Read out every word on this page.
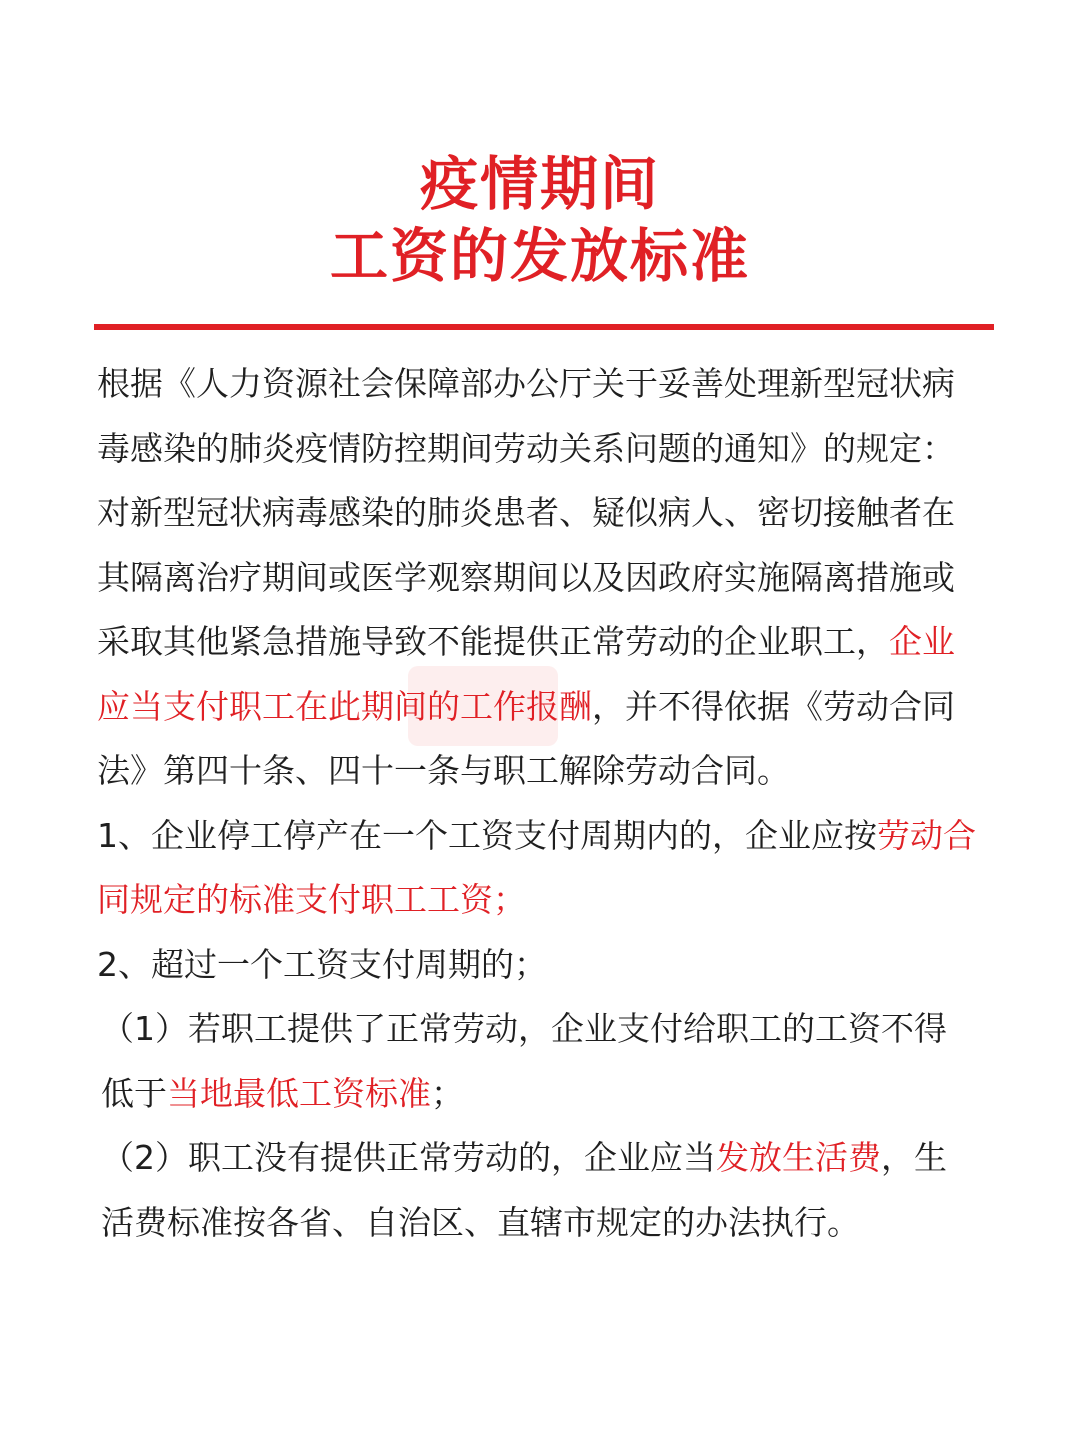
疫情期间
工资的发放标准

根据《人力资源社会保障部办公厅关于妥善处理新型冠状病毒感染的肺炎疫情防控期间劳动关系问题的通知》的规定：

对新型冠状病毒感染的肺炎患者、疑似病人、密切接触者在其隔离治疗期间或医学观察期间以及因政府实施隔离措施或采取其他紧急措施导致不能提供正常劳动的企业职工，企业应当支付职工在此期间的工作报酬，并不得依据《劳动合同法》第四十条、四十一条与职工解除劳动合同。

1、企业停工停产在一个工资支付周期内的，企业应按劳动合同规定的标准支付职工工资；

2、超过一个工资支付周期的；

（1）若职工提供了正常劳动，企业支付给职工的工资不得低于当地最低工资标准；

（2）职工没有提供正常劳动的，企业应当发放生活费，生活费标准按各省、自治区、直辖市规定的办法执行。
